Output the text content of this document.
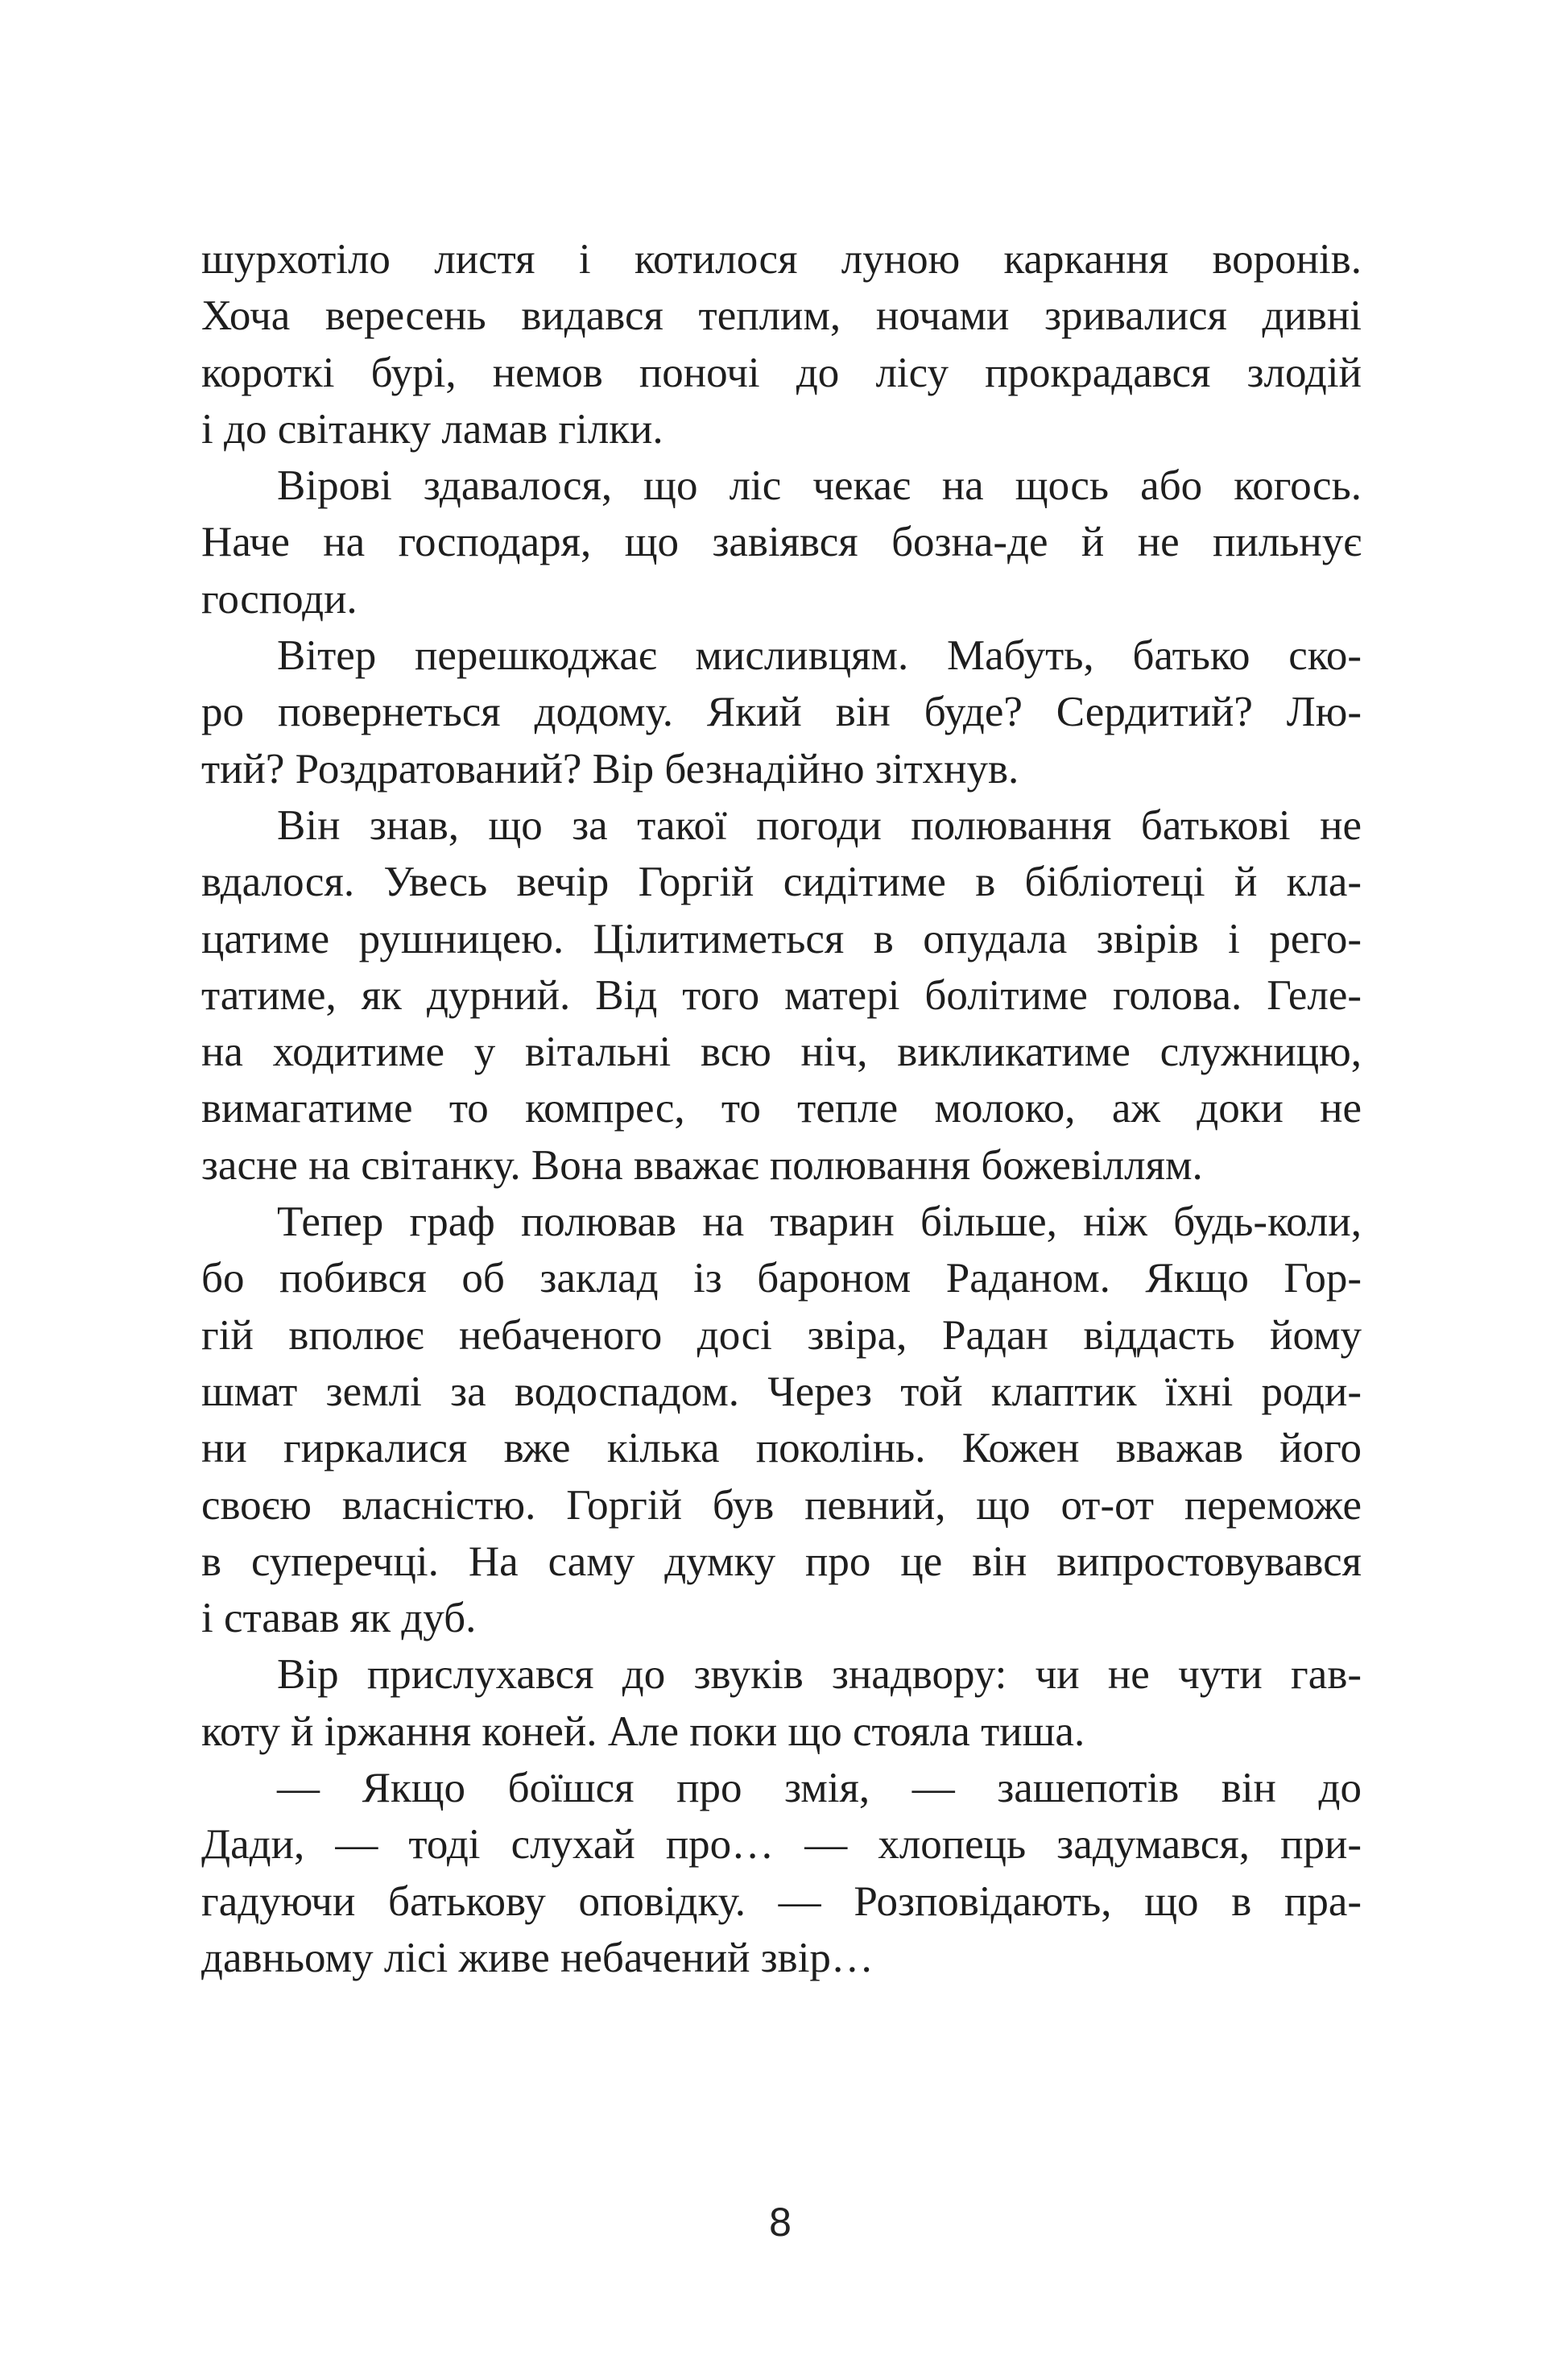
шурхотіло листя і котилося луною каркання воронів.
Хоча вересень видався теплим, ночами зривалися дивні
короткі бурі, немов поночі до лісу прокрадався злодій
і до світанку ламав гілки.
Вірові здавалося, що ліс чекає на щось або когось.
Наче на господаря, що завіявся бозна-де й не пильнує
господи.
Вітер перешкоджає мисливцям. Мабуть, батько ско-
ро повернеться додому. Який він буде? Сердитий? Лю-
тий? Роздратований? Вір безнадійно зітхнув.
Він знав, що за такої погоди полювання батькові не
вдалося. Увесь вечір Горгій сидітиме в бібліотеці й кла-
цатиме рушницею. Цілитиметься в опудала звірів і рего-
татиме, як дурний. Від того матері болітиме голова. Геле-
на ходитиме у вітальні всю ніч, викликатиме служницю,
вимагатиме то компрес, то тепле молоко, аж доки не
засне на світанку. Вона вважає полювання божевіллям.
Тепер граф полював на тварин більше, ніж будь-коли,
бо побився об заклад із бароном Раданом. Якщо Гор-
гій вполює небаченого досі звіра, Радан віддасть йому
шмат землі за водоспадом. Через той клаптик їхні роди-
ни гиркалися вже кілька поколінь. Кожен вважав його
своєю власністю. Горгій був певний, що от-от переможе
в суперечці. На саму думку про це він випростовувався
і ставав як дуб.
Вір прислухався до звуків знадвору: чи не чути гав-
коту й іржання коней. Але поки що стояла тиша.
— Якщо боїшся про змія, — зашепотів він до
Дади, — тоді слухай про… — хлопець задумався, при-
гадуючи батькову оповідку. — Розповідають, що в пра-
давньому лісі живе небачений звір…
8
